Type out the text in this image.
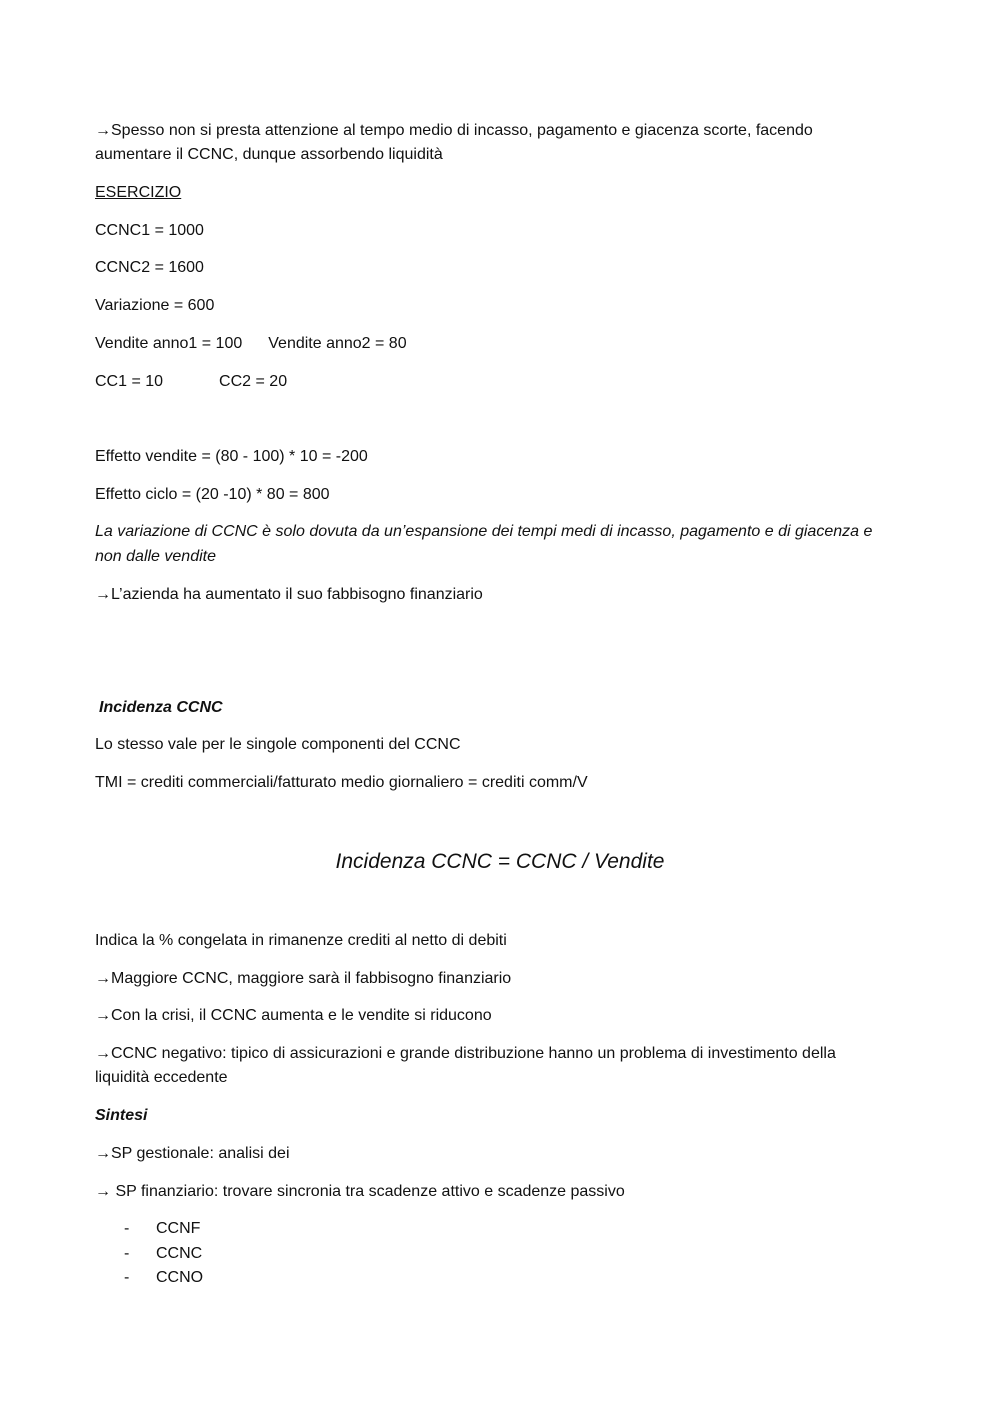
→Spesso non si presta attenzione al tempo medio di incasso, pagamento e giacenza scorte, facendo

aumentare il CCNC, dunque assorbendo liquidità

ESERCIZIO

CCNC1 = 1000

CCNC2 = 1600

Variazione = 600

Vendite anno1 = 100 Vendite anno2 = 80

CC1 = 10	CC2 = 20

Effetto vendite = (80 - 100) * 10 = -200

Effetto ciclo = (20 -10) * 80 = 800

La variazione di CCNC è solo dovuta da un’espansione dei tempi medi di incasso, pagamento e di giacenza e

non dalle vendite

→L’azienda ha aumentato il suo fabbisogno finanziario

Incidenza CCNC

Lo stesso vale per le singole componenti del CCNC

TMI = crediti commerciali/fatturato medio giornaliero = crediti comm/V

Incidenza CCNC = CCNC / Vendite

Indica la % congelata in rimanenze crediti al netto di debiti

→Maggiore CCNC, maggiore sarà il fabbisogno finanziario

→Con la crisi, il CCNC aumenta e le vendite si riducono

→CCNC negativo: tipico di assicurazioni e grande distribuzione hanno un problema di investimento della

liquidità eccedente

Sintesi

→SP gestionale: analisi dei

→ SP finanziario: trovare sincronia tra scadenze attivo e scadenze passivo

- CCNF
- CCNC
- CCNO
